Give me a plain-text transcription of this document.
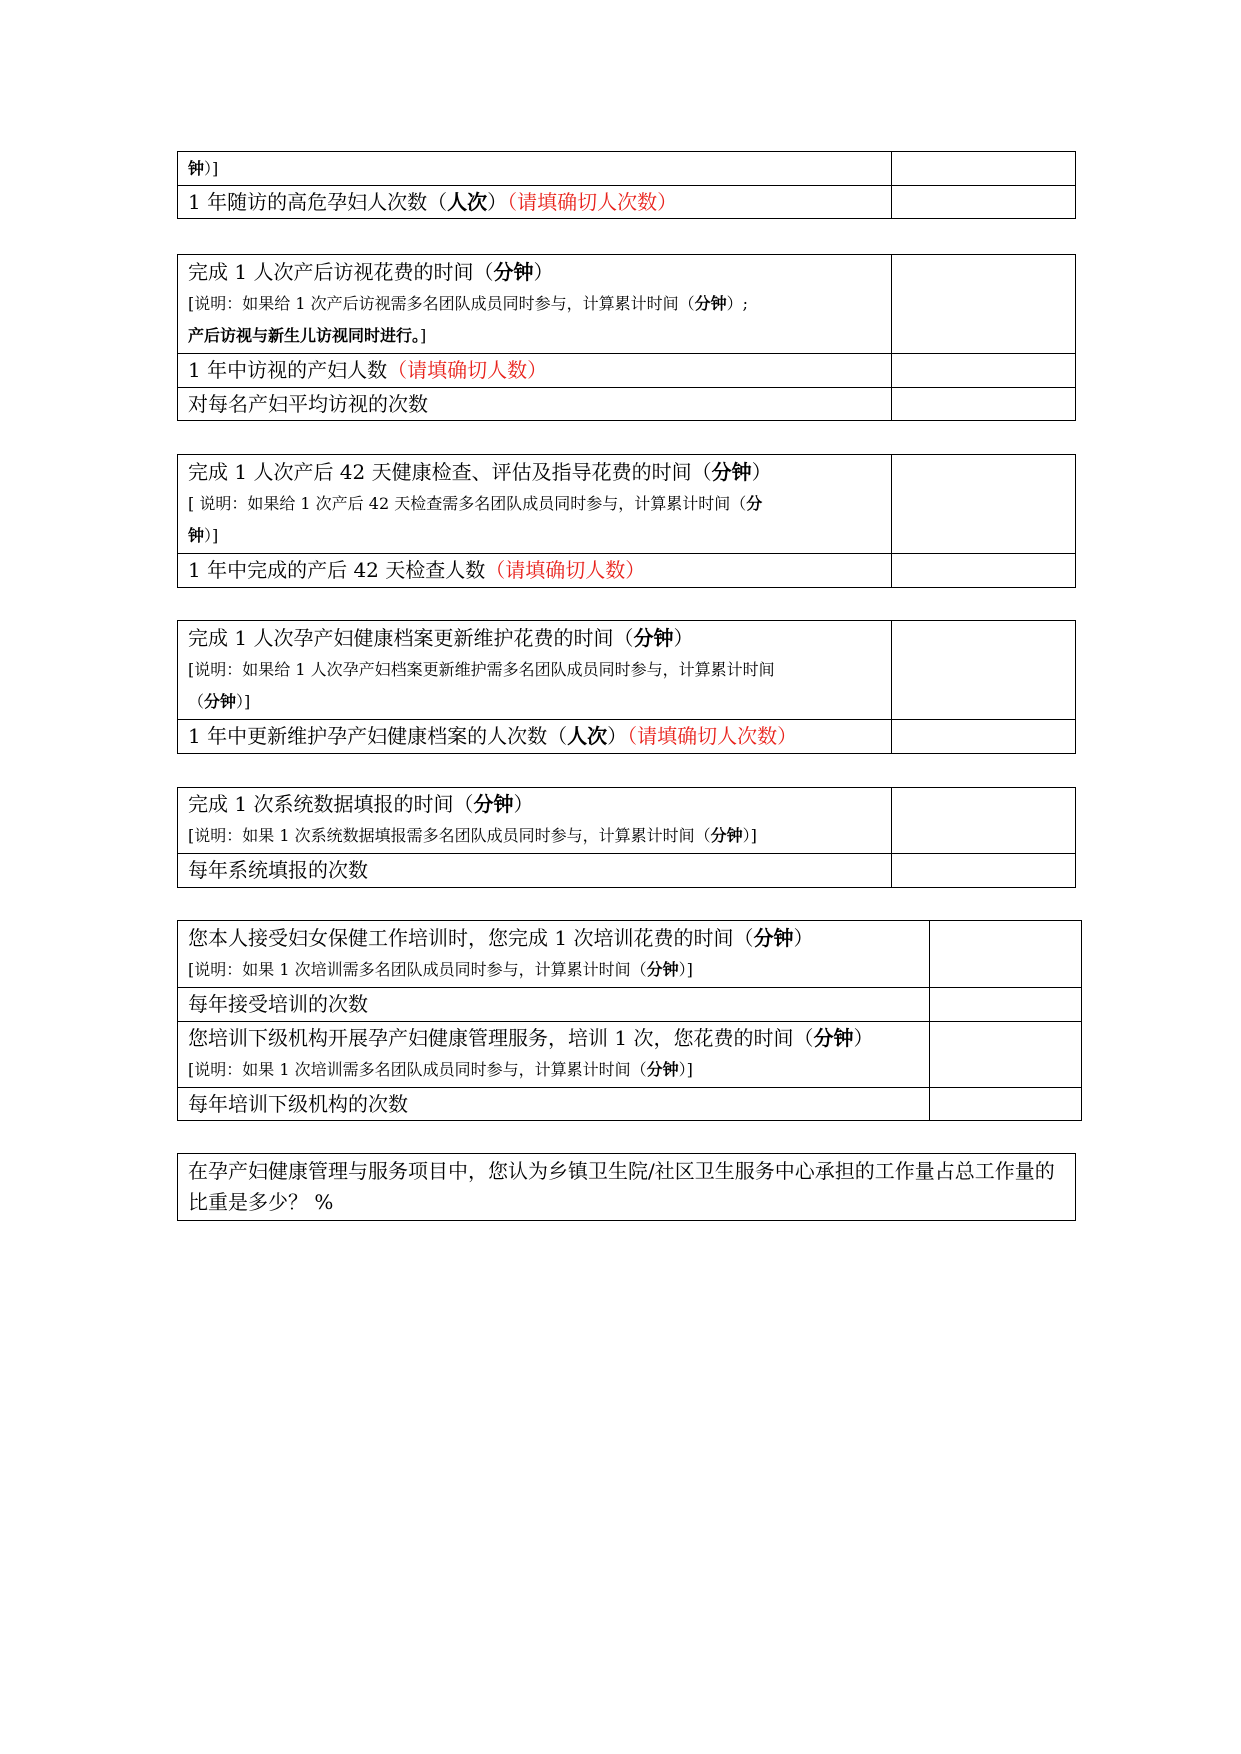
钟）]	
1 年随访的高危孕妇人次数（人次）（请填确切人次数）	
完成 1 人次产后访视花费的时间（分钟）
[说明：如果给 1 次产后访视需多名团队成员同时参与，计算累计时间（分钟）;
产后访视与新生儿访视同时进行。]	

1 年中访视的产妇人数（请填确切人数）	
对每名产妇平均访视的次数	
完成 1 人次产后 42 天健康检查、评估及指导花费的时间（分钟）
[ 说明：如果给 1 次产后 42 天检查需多名团队成员同时参与，计算累计时间（分
钟）]	

1 年中完成的产后 42 天检查人数（请填确切人数）	
完成 1 人次孕产妇健康档案更新维护花费的时间（分钟）
[说明：如果给 1 人次孕产妇档案更新维护需多名团队成员同时参与，计算累计时间
（分钟）]	

1 年中更新维护孕产妇健康档案的人次数（人次）（请填确切人次数）	
完成 1 次系统数据填报的时间（分钟）
[说明：如果 1 次系统数据填报需多名团队成员同时参与，计算累计时间（分钟）]	

每年系统填报的次数	
您本人接受妇女保健工作培训时，您完成 1 次培训花费的时间（分钟）
[说明：如果 1 次培训需多名团队成员同时参与，计算累计时间（分钟）]	

每年接受培训的次数	

您培训下级机构开展孕产妇健康管理服务，培训 1 次，您花费的时间（分钟）
[说明：如果 1 次培训需多名团队成员同时参与，计算累计时间（分钟）]	

每年培训下级机构的次数	
在孕产妇健康管理与服务项目中，您认为乡镇卫生院/社区卫生服务中心承担的工作量占总工作量的比重是多少？ %
